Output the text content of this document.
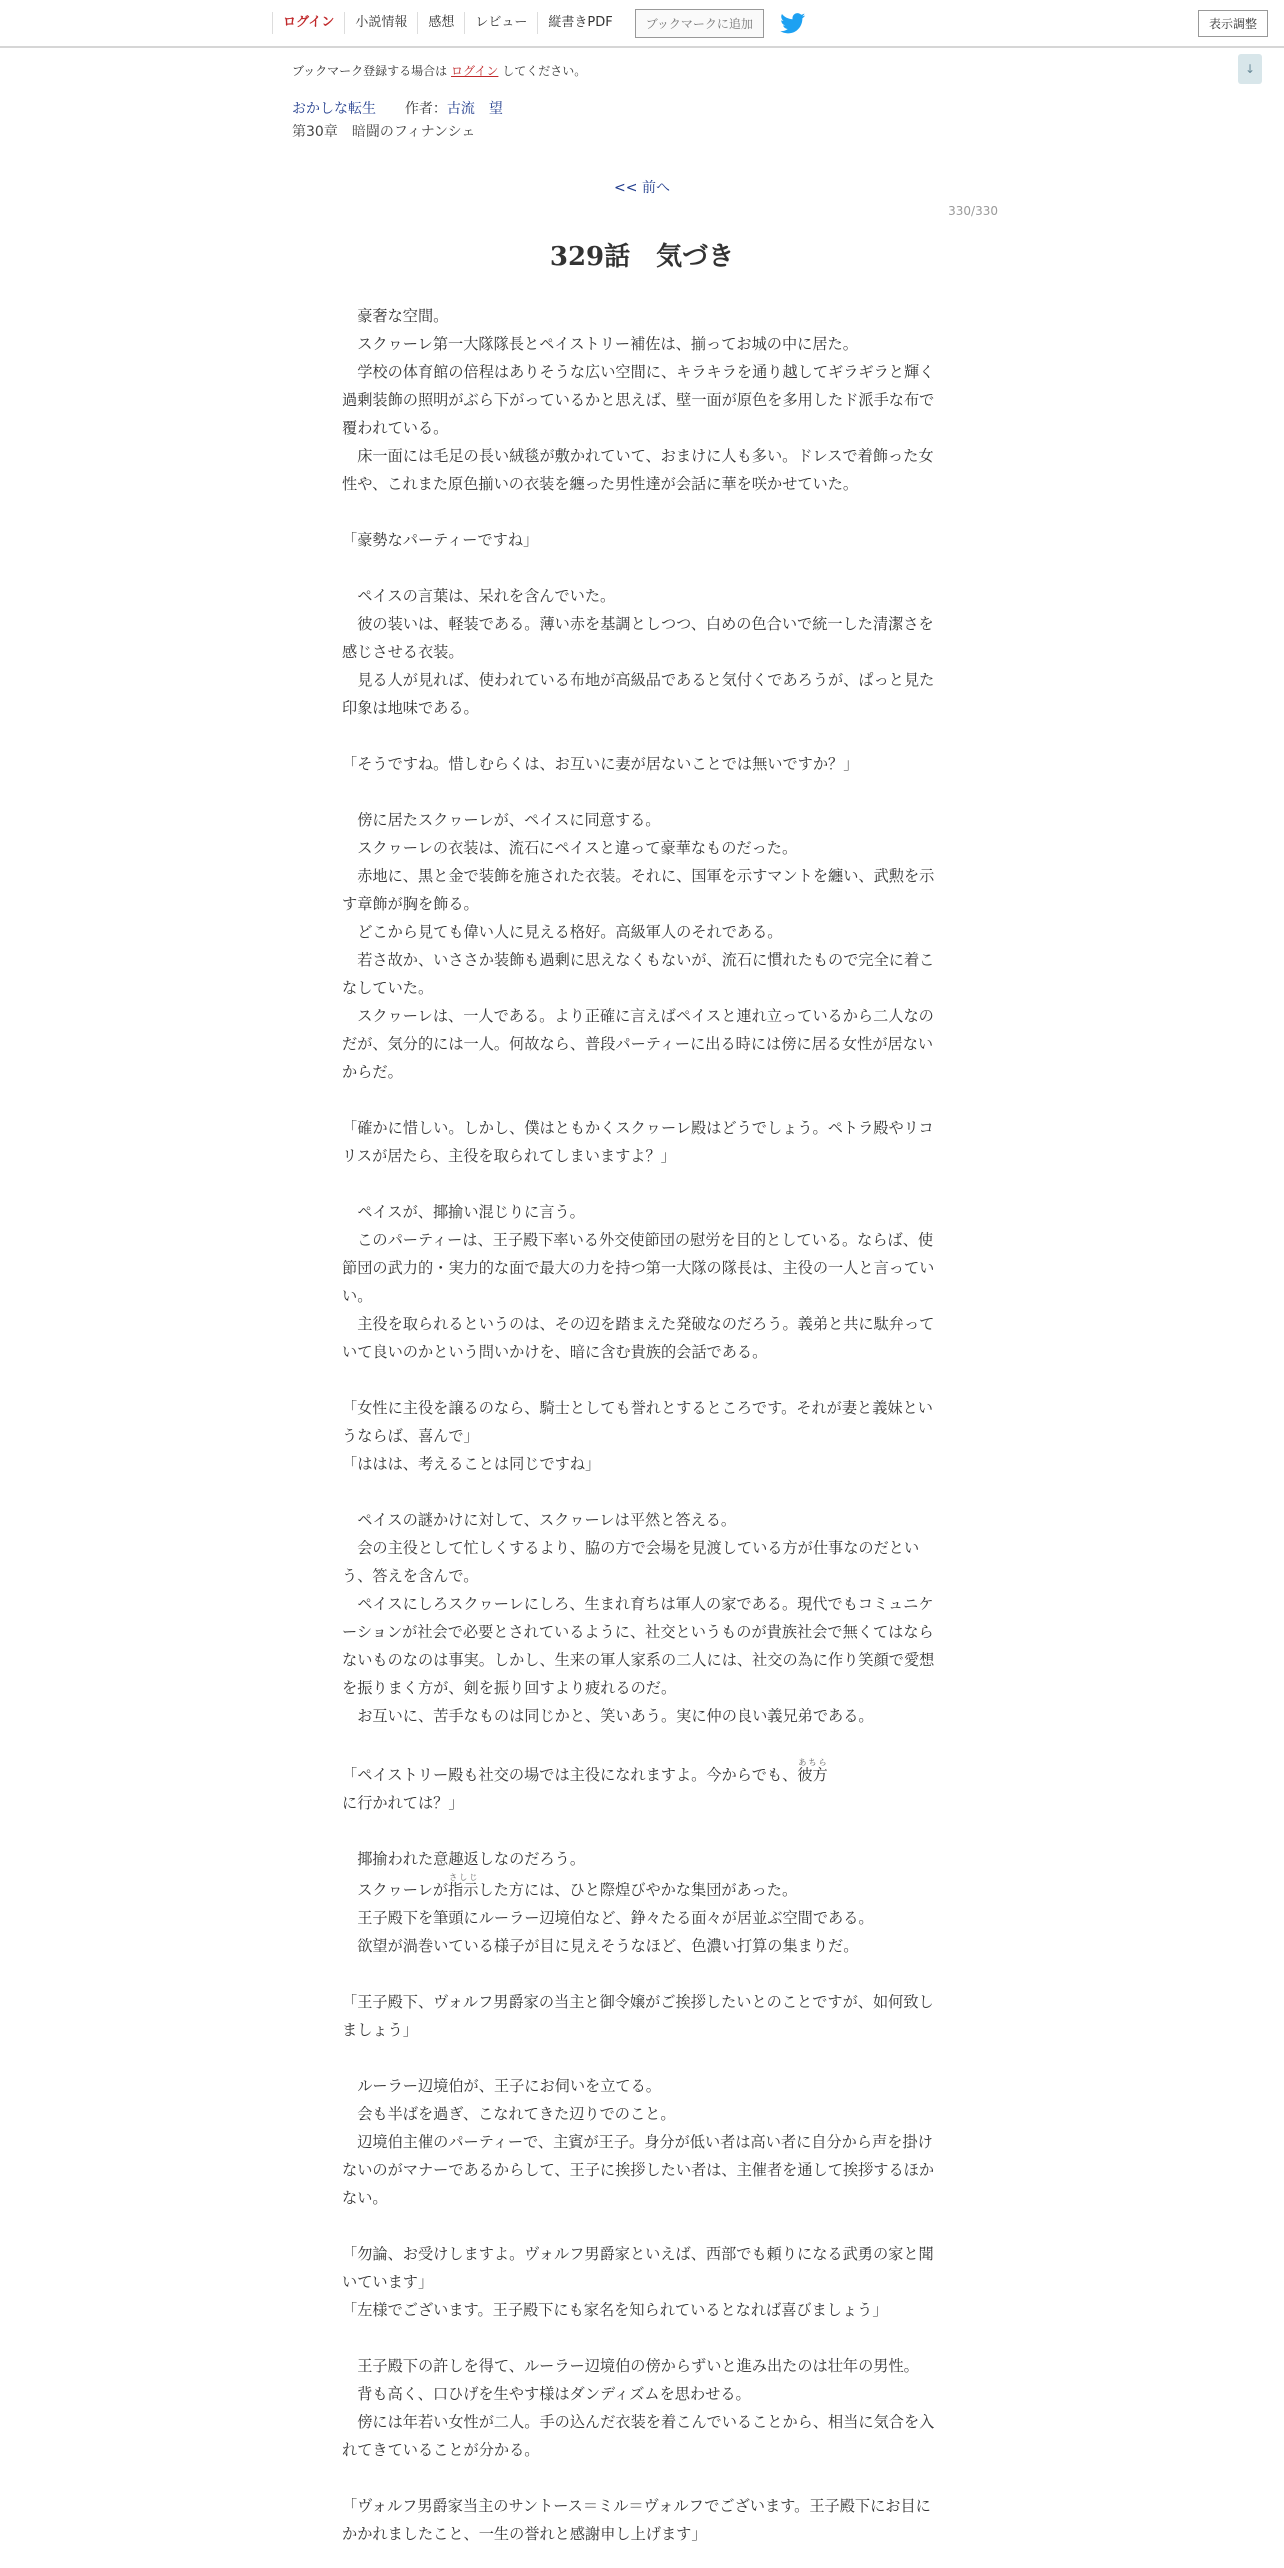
ログイン	小説情報	感想	レビュー	縦書きPDF	ブックマークに追加	表示調整
↓
ブックマーク登録する場合は ログイン してください。
おかしな転生 作者：古流　望
第30章　暗闘のフィナンシェ
<< 前へ
330/330
329話　気づき

　豪奢な空間。

　スクヮーレ第一大隊隊長とペイストリー補佐は、揃ってお城の中に居た。

　学校の体育館の倍程はありそうな広い空間に、キラキラを通り越してギラギラと輝く過剰装飾の照明がぶら下がっているかと思えば、壁一面が原色を多用したド派手な布で覆われている。

　床一面には毛足の長い絨毯が敷かれていて、おまけに人も多い。ドレスで着飾った女性や、これまた原色揃いの衣装を纏った男性達が会話に華を咲かせていた。

「豪勢なパーティーですね」

　ペイスの言葉は、呆れを含んでいた。

　彼の装いは、軽装である。薄い赤を基調としつつ、白めの色合いで統一した清潔さを感じさせる衣装。

　見る人が見れば、使われている布地が高級品であると気付くであろうが、ぱっと見た印象は地味である。

「そうですね。惜しむらくは、お互いに妻が居ないことでは無いですか？」

　傍に居たスクヮーレが、ペイスに同意する。

　スクヮーレの衣装は、流石にペイスと違って豪華なものだった。

　赤地に、黒と金で装飾を施された衣装。それに、国軍を示すマントを纏い、武勲を示す章飾が胸を飾る。

　どこから見ても偉い人に見える格好。高級軍人のそれである。

　若さ故か、いささか装飾も過剰に思えなくもないが、流石に慣れたもので完全に着こなしていた。

　スクヮーレは、一人である。より正確に言えばペイスと連れ立っているから二人なのだが、気分的には一人。何故なら、普段パーティーに出る時には傍に居る女性が居ないからだ。

「確かに惜しい。しかし、僕はともかくスクヮーレ殿はどうでしょう。ペトラ殿やリコリスが居たら、主役を取られてしまいますよ？」

　ペイスが、揶揄い混じりに言う。

　このパーティーは、王子殿下率いる外交使節団の慰労を目的としている。ならば、使節団の武力的・実力的な面で最大の力を持つ第一大隊の隊長は、主役の一人と言っていい。

　主役を取られるというのは、その辺を踏まえた発破なのだろう。義弟と共に駄弁っていて良いのかという問いかけを、暗に含む貴族的会話である。

「女性に主役を譲るのなら、騎士としても誉れとするところです。それが妻と義妹というならば、喜んで」

「ははは、考えることは同じですね」

　ペイスの謎かけに対して、スクヮーレは平然と答える。

　会の主役として忙しくするより、脇の方で会場を見渡している方が仕事なのだという、答えを含んで。

　ペイスにしろスクヮーレにしろ、生まれ育ちは軍人の家である。現代でもコミュニケーションが社会で必要とされているように、社交というものが貴族社会で無くてはならないものなのは事実。しかし、生来の軍人家系の二人には、社交の為に作り笑顔で愛想を振りまく方が、剣を振り回すより疲れるのだ。

　お互いに、苦手なものは同じかと、笑いあう。実に仲の良い義兄弟である。

「ペイストリー殿も社交の場では主役になれますよ。今からでも、彼方あちらに行かれては？」

　揶揄われた意趣返しなのだろう。

　スクヮーレが指示さしじした方には、ひと際煌びやかな集団があった。

　王子殿下を筆頭にルーラー辺境伯など、錚々たる面々が居並ぶ空間である。

　欲望が渦巻いている様子が目に見えそうなほど、色濃い打算の集まりだ。

「王子殿下、ヴォルフ男爵家の当主と御令嬢がご挨拶したいとのことですが、如何致しましょう」

　ルーラー辺境伯が、王子にお伺いを立てる。

　会も半ばを過ぎ、こなれてきた辺りでのこと。

　辺境伯主催のパーティーで、主賓が王子。身分が低い者は高い者に自分から声を掛けないのがマナーであるからして、王子に挨拶したい者は、主催者を通して挨拶するほかない。

「勿論、お受けしますよ。ヴォルフ男爵家といえば、西部でも頼りになる武勇の家と聞いています」

「左様でございます。王子殿下にも家名を知られているとなれば喜びましょう」

　王子殿下の許しを得て、ルーラー辺境伯の傍からずいと進み出たのは壮年の男性。

　背も高く、口ひげを生やす様はダンディズムを思わせる。

　傍には年若い女性が二人。手の込んだ衣装を着こんでいることから、相当に気合を入れてきていることが分かる。

「ヴォルフ男爵家当主のサントース＝ミル＝ヴォルフでございます。王子殿下にお目にかかれましたこと、一生の誉れと感謝申し上げます」
